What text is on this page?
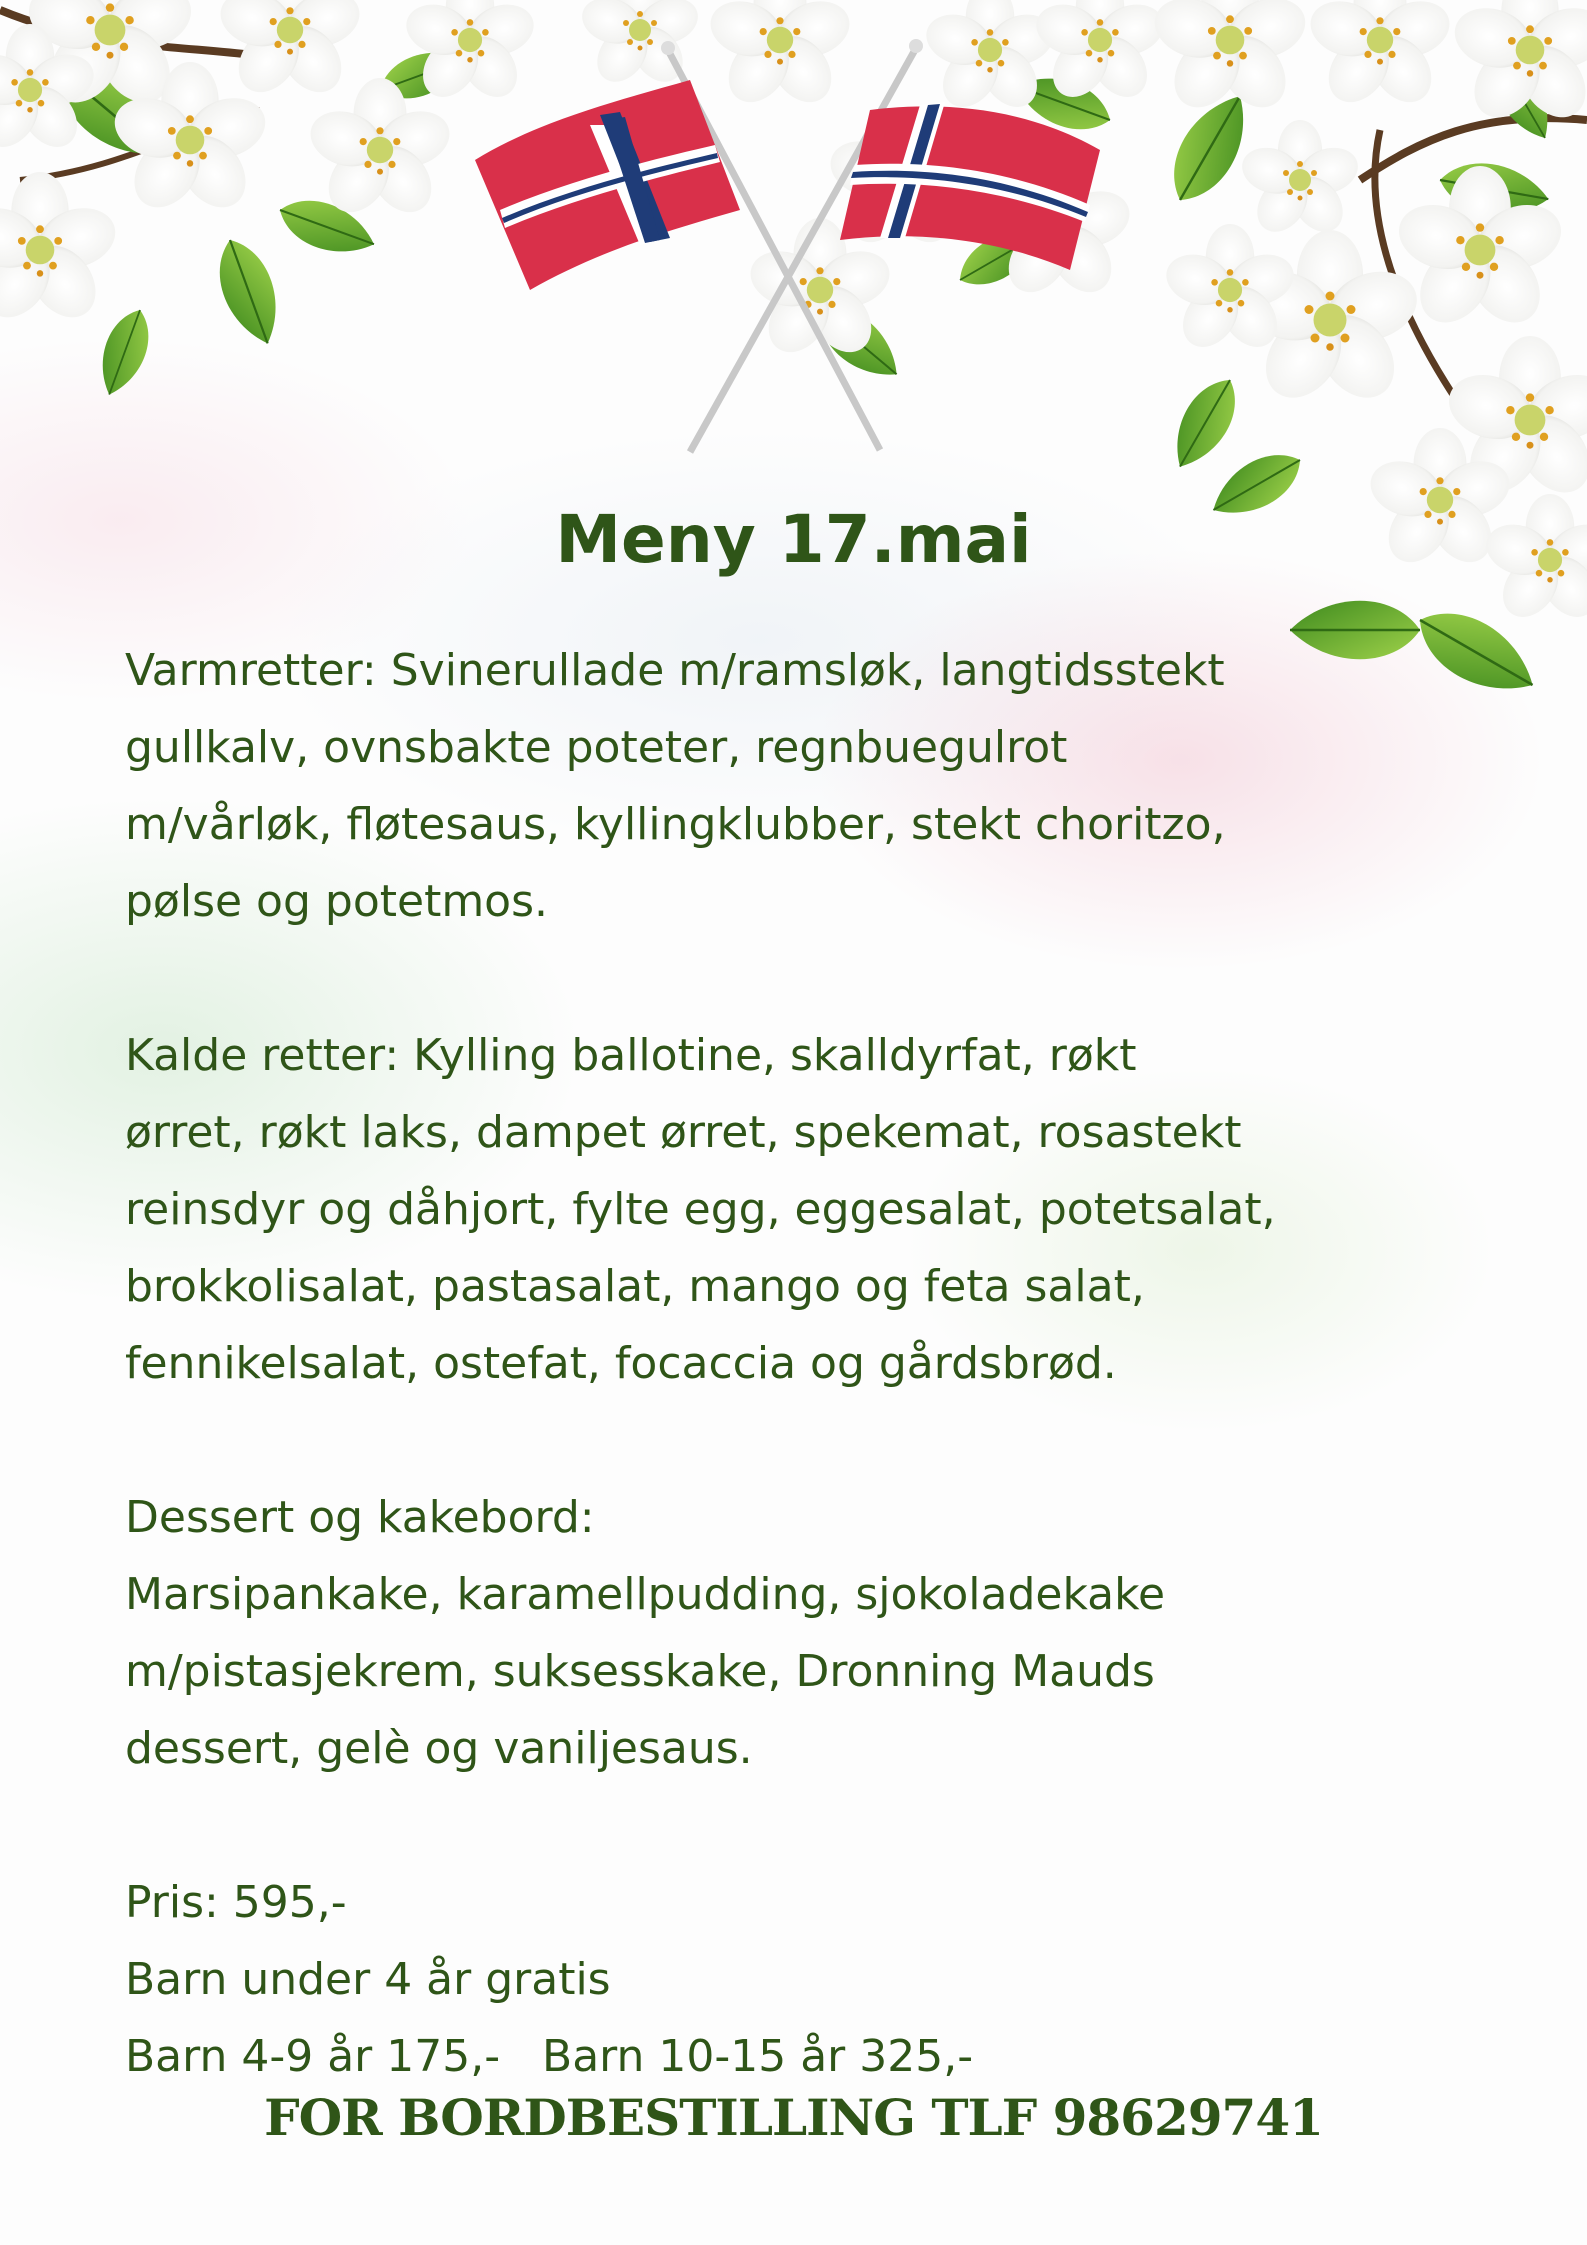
Meny 17.mai

Varmretter: Svinerullade m/ramsløk, langtidsstekt

gullkalv, ovnsbakte poteter, regnbuegulrot

m/vårløk, fløtesaus, kyllingklubber, stekt choritzo,

pølse og potetmos.

Kalde retter: Kylling ballotine, skalldyrfat, røkt

ørret, røkt laks, dampet ørret, spekemat, rosastekt

reinsdyr og dåhjort, fylte egg, eggesalat, potetsalat,

brokkolisalat, pastasalat, mango og feta salat,

fennikelsalat, ostefat, focaccia og gårdsbrød.

Dessert og kakebord:

Marsipankake, karamellpudding, sjokoladekake

m/pistasjekrem, suksesskake, Dronning Mauds

dessert, gelè og vaniljesaus.

Pris: 595,-

Barn under 4 år gratis

Barn 4-9 år 175,-   Barn 10-15 år 325,-

FOR BORDBESTILLING TLF 98629741
